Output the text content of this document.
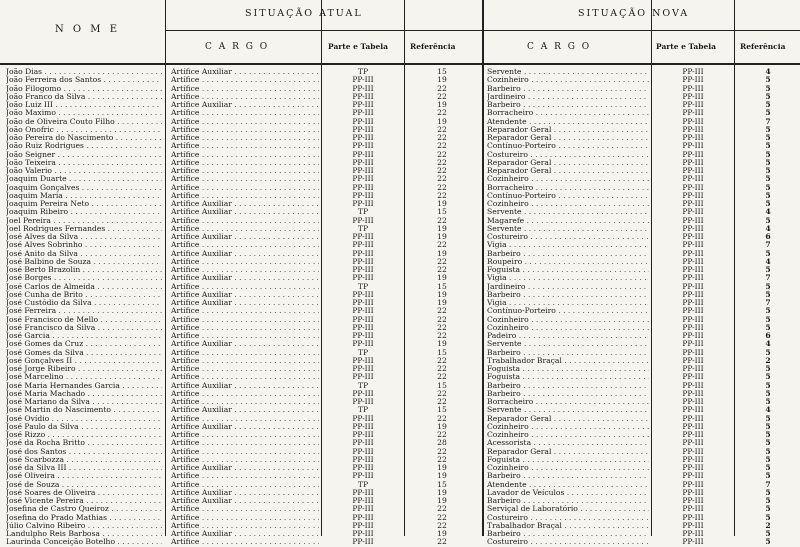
N O M E
SITUAÇÃO ATUAL	SITUAÇÃO NOVA
C A R G O	Parte e Tabela	Referência	C A R G O	Parte e Tabela	Referência
João Dias . . .	Artífice Auxiliar . . .	TP	15	Servente . . .	PP-III	4
João Ferreira dos Santos . . .	Artífice . . .	PP-III	19	Cozinheiro . . .	PP-III	5
João Filogomo . . .	Artífice . . .	PP-III	22	Barbeiro . . .	PP-III	5
João Franco da Silva . . .	Artífice . . .	PP-III	22	Jardineiro . . .	PP-III	5
João Luiz III . . .	Artífice Auxiliar . . .	PP-III	19	Barbeiro . . .	PP-III	5
João Maximo . . .	Artífice . . .	PP-III	22	Borracheiro . . .	PP-III	5
João de Oliveira Couto Filho . . .	Artífice . . .	PP-III	19	Atendente . . .	PP-III	7
João Onofric . . .	Artífice . . .	PP-III	22	Reparador Geral . . .	PP-III	5
João Pereira do Nascimento . . .	Artífice . . .	PP-III	22	Reparador Geral . . .	PP-III	5
João Ruiz Rodrigues . . .	Artífice . . .	PP-III	22	Contínuo-Porteiro . . .	PP-III	5
João Seigner . . .	Artífice . . .	PP-III	22	Costureiro . . .	PP-III	5
João Teixeira . . .	Artífice . . .	PP-III	22	Reparador Geral . . .	PP-III	5
João Valerio . . .	Artífice . . .	PP-III	22	Reparador Geral . . .	PP-III	5
Joaquim Duarte . . .	Artífice . . .	PP-III	22	Cozinheiro . . .	PP-III	5
Joaquim Gonçalves . . .	Artífice . . .	PP-III	22	Borracheiro . . .	PP-III	5
Joaquim Maria . . .	Artífice . . .	PP-III	22	Contínuo-Porteiro . . .	PP-III	5
Joaquim Pereira Neto . . .	Artífice Auxiliar . . .	PP-III	19	Cozinheiro . . .	PP-III	5
Joaquim Ribeiro . . .	Artífice Auxiliar . . .	TP	15	Servente . . .	PP-III	4
Joel Pereira . . .	Artífice . . .	PP-III	22	Magarefe . . .	PP-III	5
Joel Rodrigues Fernandes . . .	Artífice . . .	TP	19	Servente . . .	PP-III	4
José Alves da Silva . . .	Artífice Auxiliar . . .	PP-III	19	Costureiro . . .	PP-III	6
José Alves Sobrinho . . .	Artífice . . .	PP-III	22	Vigia . . .	PP-III	7
José Anito da Silva . . .	Artífice Auxiliar . . .	PP-III	19	Barbeiro . . .	PP-III	5
José Balbino de Souza . . .	Artífice . . .	PP-III	22	Roupeiro . . .	PP-III	4
José Berto Brazolin . . .	Artífice . . .	PP-III	22	Foguista . . .	PP-III	5
José Borges . . .	Artífice Auxiliar . . .	PP-III	19	Vigia . . .	PP-III	7
José Carlos de Almeida . . .	Artífice . . .	TP	15	Jardineiro . . .	PP-III	5
José Cunha de Brito . . .	Artífice Auxiliar . . .	PP-III	19	Barbeiro . . .	PP-III	5
José Custódio da Silva . . .	Artífice Auxiliar . . .	PP-III	19	Vigia . . .	PP-III	7
José Ferreira . . .	Artífice . . .	PP-III	22	Contínuo-Porteiro . . .	PP-III	5
José Francisco de Mello . . .	Artífice . . .	PP-III	22	Cozinheiro . . .	PP-III	5
José Francisco da Silva . . .	Artífice . . .	PP-III	22	Cozinheiro . . .	PP-III	5
José Garcia . . .	Artífice . . .	PP-III	22	Padeiro . . .	PP-III	6
José Gomes da Cruz . . .	Artífice Auxiliar . . .	PP-III	19	Servente . . .	PP-III	4
José Gomes da Silva . . .	Artífice . . .	TP	15	Barbeiro . . .	PP-III	5
José Gonçalves II . . .	Artífice . . .	PP-III	22	Trabalhador Braçal . . .	PP-III	2
José Jorge Ribeiro . . .	Artífice . . .	PP-III	22	Foguista . . .	PP-III	5
José Marcelino . . .	Artífice . . .	PP-III	22	Foguista . . .	PP-III	5
José Maria Hernandes Garcia . . .	Artífice Auxiliar . . .	TP	15	Barbeiro . . .	PP-III	5
José Maria Machado . . .	Artífice . . .	PP-III	22	Barbeiro . . .	PP-III	5
José Mariano da Silva . . .	Artífice . . .	PP-III	22	Borracheiro . . .	PP-III	5
José Martin do Nascimento . . .	Artífice Auxiliar . . .	TP	15	Servente . . .	PP-III	4
José Ovídio . . .	Artífice . . .	PP-III	22	Reparador Geral . . .	PP-III	5
José Paulo da Silva . . .	Artífice Auxiliar . . .	PP-III	19	Cozinheiro . . .	PP-III	5
José Rizzo . . .	Artífice . . .	PP-III	22	Cozinheiro . . .	PP-III	5
José da Rocha Britto . . .	Artífice . . .	PP-III	28	Acessorista . . .	PP-III	5
José dos Santos . . .	Artífice . . .	PP-III	22	Reparador Geral . . .	PP-III	5
José Scarbozza . . .	Artífice . . .	PP-III	22	Foguista . . .	PP-III	5
José da Silva III . . .	Artífice Auxiliar . . .	PP-III	19	Cozinheiro . . .	PP-III	5
José Oliveira . . .	Artífice . . .	PP-III	19	Barbeiro . . .	PP-III	5
José de Souza . . .	Artífice . . .	TP	15	Atendente . . .	PP-III	7
José Soares de Oliveira . . .	Artífice Auxiliar . . .	PP-III	19	Lavador de Veículos . . .	PP-III	5
José Vicente Pereira . . .	Artífice Auxiliar . . .	PP-III	19	Barbeiro . . .	PP-III	5
Josefina de Castro Queiroz . . .	Artífice . . .	PP-III	22	Serviçal de Laboratório . . .	PP-III	5
Josefina do Prado Mathias . . .	Artífice . . .	PP-III	22	Costureiro . . .	PP-III	5
Júlio Calvino Ribeiro . . .	Artífice . . .	PP-III	22	Trabalhador Braçal . . .	PP-III	2
Landulpho Reis Barbosa . . .	Artífice Auxiliar . . .	PP-III	19	Barbeiro . . .	PP-III	5
Laurinda Conceição Botelho . . .	Artífice . . .	PP-III	22	Costureiro . . .	PP-III	5
